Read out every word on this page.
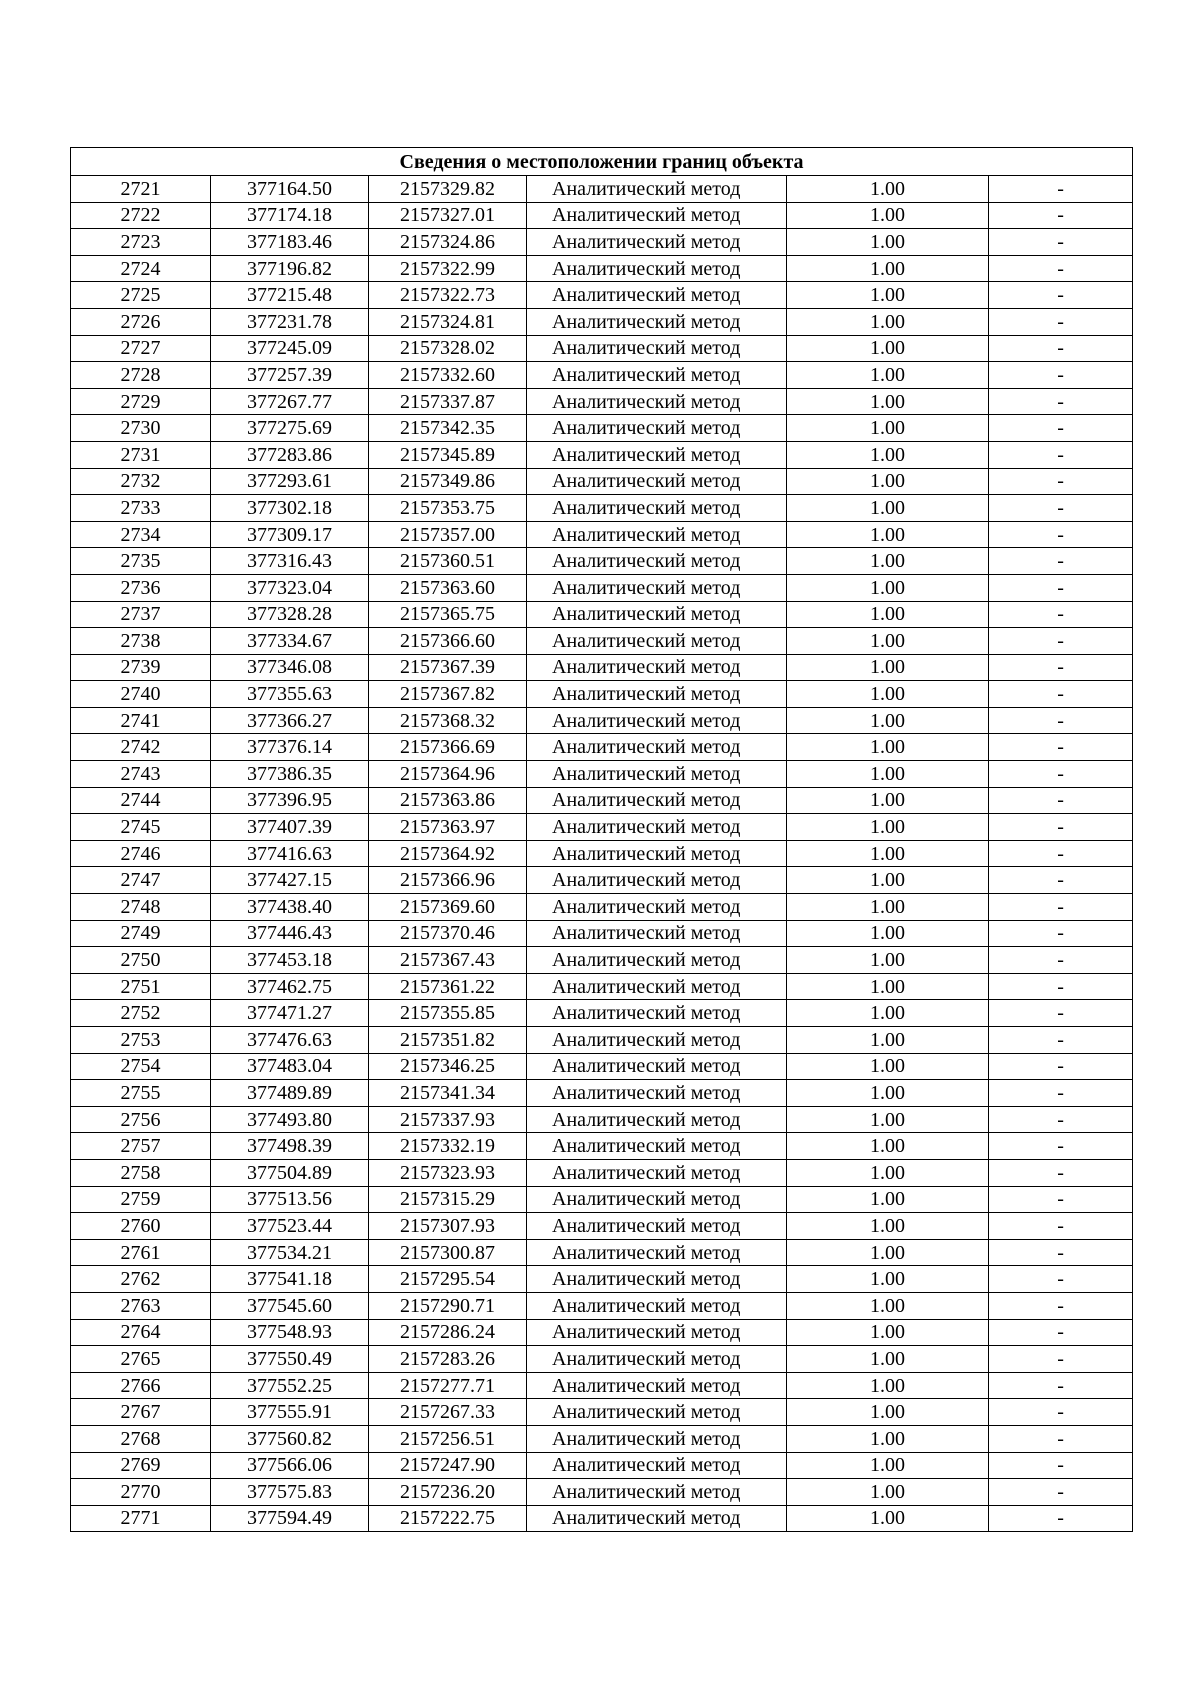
Сведения о местоположении границ объекта					
2721	377164.50	2157329.82	Аналитический метод	1.00	-
2722	377174.18	2157327.01	Аналитический метод	1.00	-
2723	377183.46	2157324.86	Аналитический метод	1.00	-
2724	377196.82	2157322.99	Аналитический метод	1.00	-
2725	377215.48	2157322.73	Аналитический метод	1.00	-
2726	377231.78	2157324.81	Аналитический метод	1.00	-
2727	377245.09	2157328.02	Аналитический метод	1.00	-
2728	377257.39	2157332.60	Аналитический метод	1.00	-
2729	377267.77	2157337.87	Аналитический метод	1.00	-
2730	377275.69	2157342.35	Аналитический метод	1.00	-
2731	377283.86	2157345.89	Аналитический метод	1.00	-
2732	377293.61	2157349.86	Аналитический метод	1.00	-
2733	377302.18	2157353.75	Аналитический метод	1.00	-
2734	377309.17	2157357.00	Аналитический метод	1.00	-
2735	377316.43	2157360.51	Аналитический метод	1.00	-
2736	377323.04	2157363.60	Аналитический метод	1.00	-
2737	377328.28	2157365.75	Аналитический метод	1.00	-
2738	377334.67	2157366.60	Аналитический метод	1.00	-
2739	377346.08	2157367.39	Аналитический метод	1.00	-
2740	377355.63	2157367.82	Аналитический метод	1.00	-
2741	377366.27	2157368.32	Аналитический метод	1.00	-
2742	377376.14	2157366.69	Аналитический метод	1.00	-
2743	377386.35	2157364.96	Аналитический метод	1.00	-
2744	377396.95	2157363.86	Аналитический метод	1.00	-
2745	377407.39	2157363.97	Аналитический метод	1.00	-
2746	377416.63	2157364.92	Аналитический метод	1.00	-
2747	377427.15	2157366.96	Аналитический метод	1.00	-
2748	377438.40	2157369.60	Аналитический метод	1.00	-
2749	377446.43	2157370.46	Аналитический метод	1.00	-
2750	377453.18	2157367.43	Аналитический метод	1.00	-
2751	377462.75	2157361.22	Аналитический метод	1.00	-
2752	377471.27	2157355.85	Аналитический метод	1.00	-
2753	377476.63	2157351.82	Аналитический метод	1.00	-
2754	377483.04	2157346.25	Аналитический метод	1.00	-
2755	377489.89	2157341.34	Аналитический метод	1.00	-
2756	377493.80	2157337.93	Аналитический метод	1.00	-
2757	377498.39	2157332.19	Аналитический метод	1.00	-
2758	377504.89	2157323.93	Аналитический метод	1.00	-
2759	377513.56	2157315.29	Аналитический метод	1.00	-
2760	377523.44	2157307.93	Аналитический метод	1.00	-
2761	377534.21	2157300.87	Аналитический метод	1.00	-
2762	377541.18	2157295.54	Аналитический метод	1.00	-
2763	377545.60	2157290.71	Аналитический метод	1.00	-
2764	377548.93	2157286.24	Аналитический метод	1.00	-
2765	377550.49	2157283.26	Аналитический метод	1.00	-
2766	377552.25	2157277.71	Аналитический метод	1.00	-
2767	377555.91	2157267.33	Аналитический метод	1.00	-
2768	377560.82	2157256.51	Аналитический метод	1.00	-
2769	377566.06	2157247.90	Аналитический метод	1.00	-
2770	377575.83	2157236.20	Аналитический метод	1.00	-
2771	377594.49	2157222.75	Аналитический метод	1.00	-
